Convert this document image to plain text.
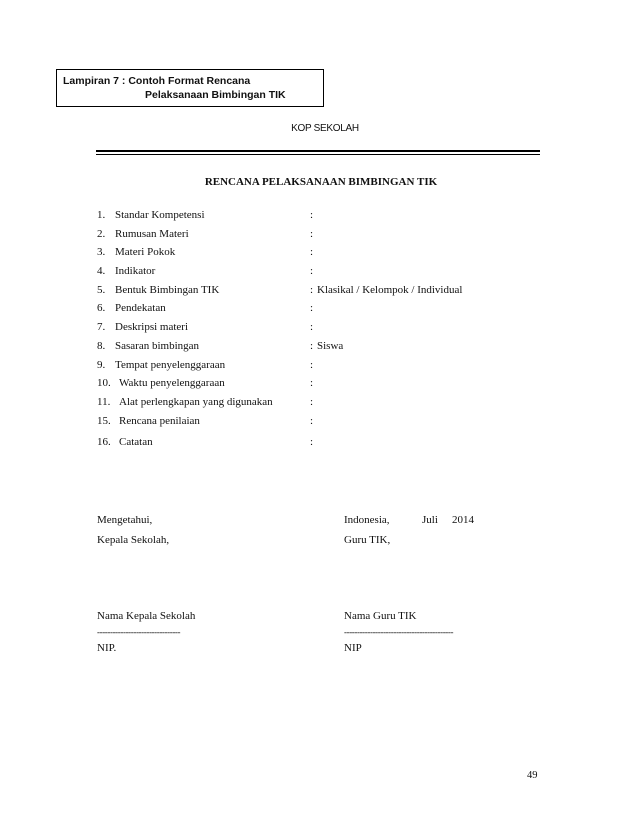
Lampiran 7 : Contoh Format Rencana
Pelaksanaan Bimbingan TIK
KOP SEKOLAH
RENCANA PELAKSANAAN BIMBINGAN TIK
1. Standar Kompetensi	:
2. Rumusan Materi	:
3. Materi Pokok	:
4. Indikator	:
5. Bentuk Bimbingan TIK	: Klasikal / Kelompok / Individual
6. Pendekatan	:
7. Deskripsi materi	:
8. Sasaran bimbingan	: Siswa
9. Tempat penyelenggaraan	:
10. Waktu penyelenggaraan	:
11. Alat perlengkapan yang digunakan	:
15. Rencana penilaian	:
16. Catatan	:
Mengetahui,
Kepala Sekolah,
Indonesia,	Juli 2014
Guru TIK,
Nama Kepala Sekolah
--------------------------------
NIP.
Nama Guru TIK
------------------------------------------
NIP
49
